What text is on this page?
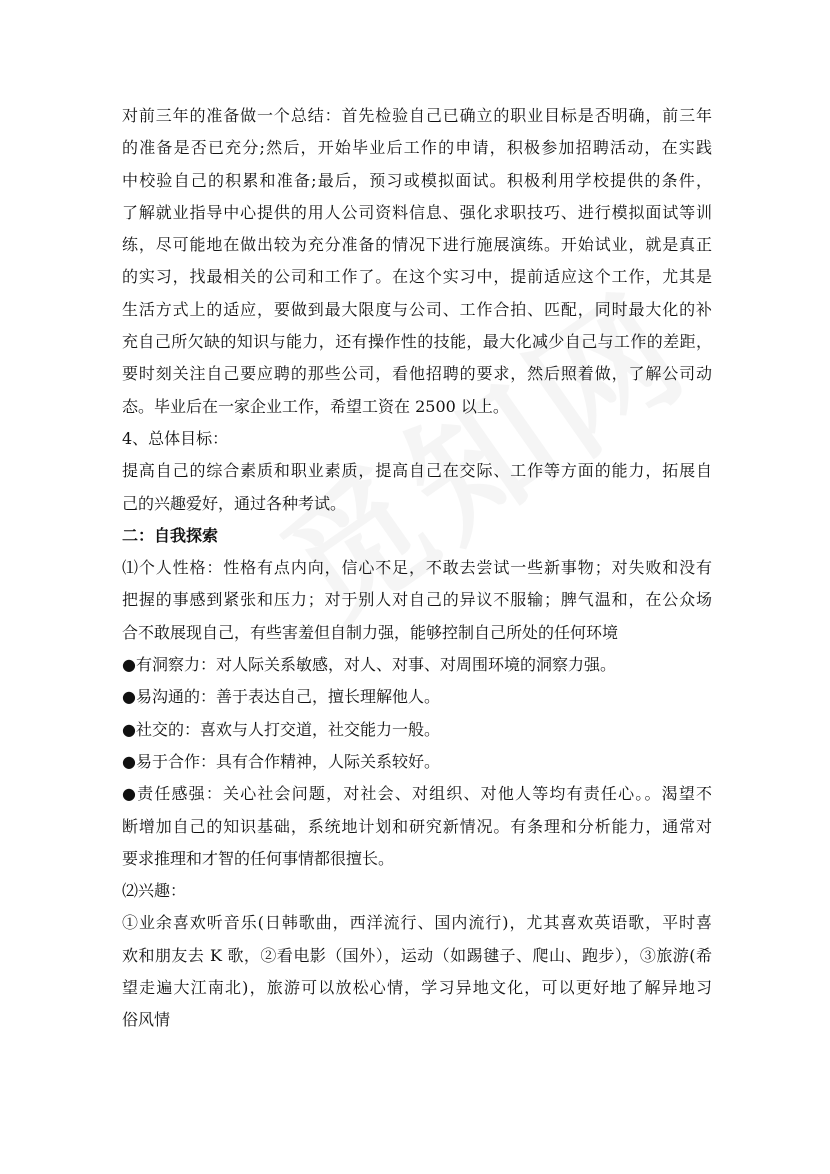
对前三年的准备做一个总结：首先检验自己已确立的职业目标是否明确，前三年

的准备是否已充分;然后，开始毕业后工作的申请，积极参加招聘活动，在实践

中校验自己的积累和准备;最后，预习或模拟面试。积极利用学校提供的条件，

了解就业指导中心提供的用人公司资料信息、强化求职技巧、进行模拟面试等训

练，尽可能地在做出较为充分准备的情况下进行施展演练。开始试业，就是真正

的实习，找最相关的公司和工作了。在这个实习中，提前适应这个工作，尤其是

生活方式上的适应，要做到最大限度与公司、工作合拍、匹配，同时最大化的补

充自己所欠缺的知识与能力，还有操作性的技能，最大化减少自己与工作的差距，

要时刻关注自己要应聘的那些公司，看他招聘的要求，然后照着做，了解公司动

态。毕业后在一家企业工作，希望工资在 2500 以上。

4、总体目标：

提高自己的综合素质和职业素质，提高自己在交际、工作等方面的能力，拓展自

己的兴趣爱好，通过各种考试。

二：自我探索

⑴个人性格：性格有点内向，信心不足，不敢去尝试一些新事物；对失败和没有

把握的事感到紧张和压力；对于别人对自己的异议不服输；脾气温和，在公众场

合不敢展现自己，有些害羞但自制力强，能够控制自己所处的任何环境

●有洞察力：对人际关系敏感，对人、对事、对周围环境的洞察力强。

●易沟通的：善于表达自己，擅长理解他人。

●社交的：喜欢与人打交道，社交能力一般。

●易于合作：具有合作精神，人际关系较好。

●责任感强：关心社会问题，对社会、对组织、对他人等均有责任心。。渴望不

断增加自己的知识基础，系统地计划和研究新情况。有条理和分析能力，通常对

要求推理和才智的任何事情都很擅长。

⑵兴趣：

①业余喜欢听音乐(日韩歌曲，西洋流行、国内流行)，尤其喜欢英语歌，平时喜

欢和朋友去 K 歌，②看电影（国外），运动（如踢毽子、爬山、跑步），③旅游(希

望走遍大江南北)，旅游可以放松心情，学习异地文化，可以更好地了解异地习

俗风情
